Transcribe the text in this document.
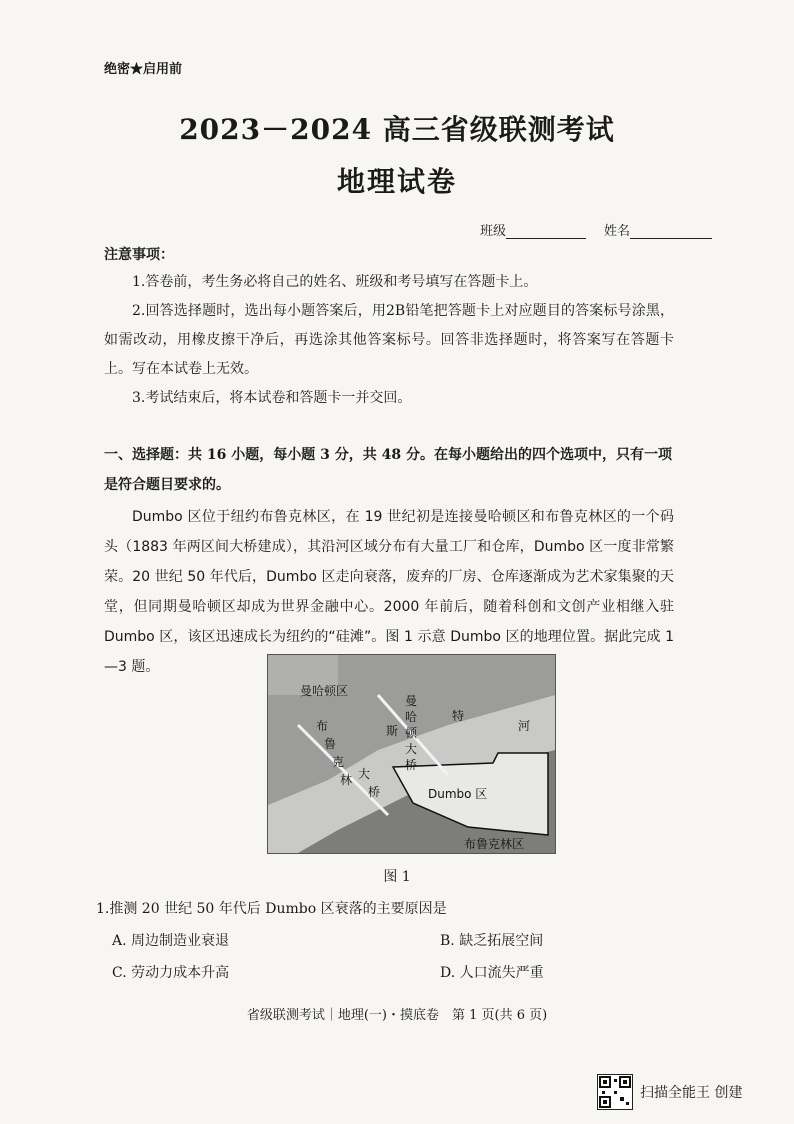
绝密★启用前
2023－2024 高三省级联测考试
地理试卷
班级	姓名
注意事项：
1.答卷前，考生务必将自己的姓名、班级和考号填写在答题卡上。
2.回答选择题时，选出每小题答案后，用2B铅笔把答题卡上对应题目的答案标号涂黑，如需改动，用橡皮擦干净后，再选涂其他答案标号。回答非选择题时，将答案写在答题卡上。写在本试卷上无效。
3.考试结束后，将本试卷和答题卡一并交回。
一、选择题：共 16 小题，每小题 3 分，共 48 分。在每小题给出的四个选项中，只有一项是符合题目要求的。
Dumbo 区位于纽约布鲁克林区，在 19 世纪初是连接曼哈顿区和布鲁克林区的一个码头（1883 年两区间大桥建成），其沿河区域分布有大量工厂和仓库，Dumbo 区一度非常繁荣。20 世纪 50 年代后，Dumbo 区走向衰落，废弃的厂房、仓库逐渐成为艺术家集聚的天堂，但同期曼哈顿区却成为世界金融中心。2000 年前后，随着科创和文创产业相继入驻 Dumbo 区，该区迅速成长为纽约的“硅滩”。图 1 示意 Dumbo 区的地理位置。据此完成 1—3 题。
曼哈顿区
斯
特
河
曼
哈
顿
大
桥
布
鲁
克
林 大
桥	Dumbo 区
布鲁克林区
图 1
1.推测 20 世纪 50 年代后 Dumbo 区衰落的主要原因是
A. 周边制造业衰退	B. 缺乏拓展空间
C. 劳动力成本升高	D. 人口流失严重
省级联测考试｜地理(一)・摸底卷　第 1 页(共 6 页)
扫描全能王 创建
